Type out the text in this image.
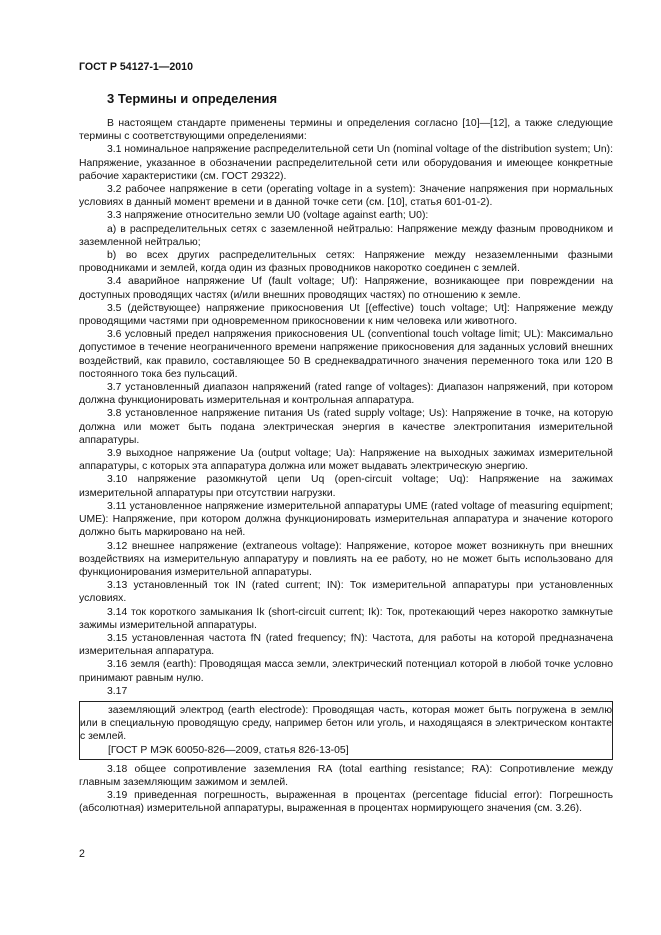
ГОСТ Р 54127-1—2010
3 Термины и определения

В настоящем стандарте применены термины и определения согласно [10]—[12], а также следующие термины с соответствующими определениями:

3.1 номинальное напряжение распределительной сети Un (nominal voltage of the distribution system; Un): Напряжение, указанное в обозначении распределительной сети или оборудования и имеющее конкретные рабочие характеристики (см. ГОСТ 29322).

3.2 рабочее напряжение в сети (operating voltage in a system): Значение напряжения при нормальных условиях в данный момент времени и в данной точке сети (см. [10], статья 601-01-2).

3.3 напряжение относительно земли U0 (voltage against earth; U0):

а) в распределительных сетях с заземленной нейтралью: Напряжение между фазным проводником и заземленной нейтралью;

b) во всех других распределительных сетях: Напряжение между незаземленными фазными проводниками и землей, когда один из фазных проводников накоротко соединен с землей.

3.4 аварийное напряжение Uf (fault voltage; Uf): Напряжение, возникающее при повреждении на доступных проводящих частях (и/или внешних проводящих частях) по отношению к земле.

3.5 (действующее) напряжение прикосновения Ut [(effective) touch voltage; Ut]: Напряжение между проводящими частями при одновременном прикосновении к ним человека или животного.

3.6 условный предел напряжения прикосновения UL (conventional touch voltage limit; UL): Максимально допустимое в течение неограниченного времени напряжение прикосновения для заданных условий внешних воздействий, как правило, составляющее 50 В среднеквадратичного значения переменного тока или 120 В постоянного тока без пульсаций.

3.7 установленный диапазон напряжений (rated range of voltages): Диапазон напряжений, при котором должна функционировать измерительная и контрольная аппаратура.

3.8 установленное напряжение питания Us (rated supply voltage; Us): Напряжение в точке, на которую должна или может быть подана электрическая энергия в качестве электропитания измерительной аппаратуры.

3.9 выходное напряжение Ua (output voltage; Ua): Напряжение на выходных зажимах измерительной аппаратуры, с которых эта аппаратура должна или может выдавать электрическую энергию.

3.10 напряжение разомкнутой цепи Uq (open-circuit voltage; Uq): Напряжение на зажимах измерительной аппаратуры при отсутствии нагрузки.

3.11 установленное напряжение измерительной аппаратуры UME (rated voltage of measuring equipment; UME): Напряжение, при котором должна функционировать измерительная аппаратура и значение которого должно быть маркировано на ней.

3.12 внешнее напряжение (extraneous voltage): Напряжение, которое может возникнуть при внешних воздействиях на измерительную аппаратуру и повлиять на ее работу, но не может быть использовано для функционирования измерительной аппаратуры.

3.13 установленный ток IN (rated current; IN): Ток измерительной аппаратуры при установленных условиях.

3.14 ток короткого замыкания Ik (short-circuit current; Ik): Ток, протекающий через накоротко замкнутые зажимы измерительной аппаратуры.

3.15 установленная частота fN (rated frequency; fN): Частота, для работы на которой предназначена измерительная аппаратура.

3.16 земля (earth): Проводящая масса земли, электрический потенциал которой в любой точке условно принимают равным нулю.

3.17

заземляющий электрод (earth electrode): Проводящая часть, которая может быть погружена в землю или в специальную проводящую среду, например бетон или уголь, и находящаяся в электрическом контакте с землей.

[ГОСТ Р МЭК 60050-826—2009, статья 826-13-05]

3.18 общее сопротивление заземления RA (total earthing resistance; RA): Сопротивление между главным заземляющим зажимом и землей.

3.19 приведенная погрешность, выраженная в процентах (percentage fiducial error): Погрешность (абсолютная) измерительной аппаратуры, выраженная в процентах нормирующего значения (см. 3.26).

2
